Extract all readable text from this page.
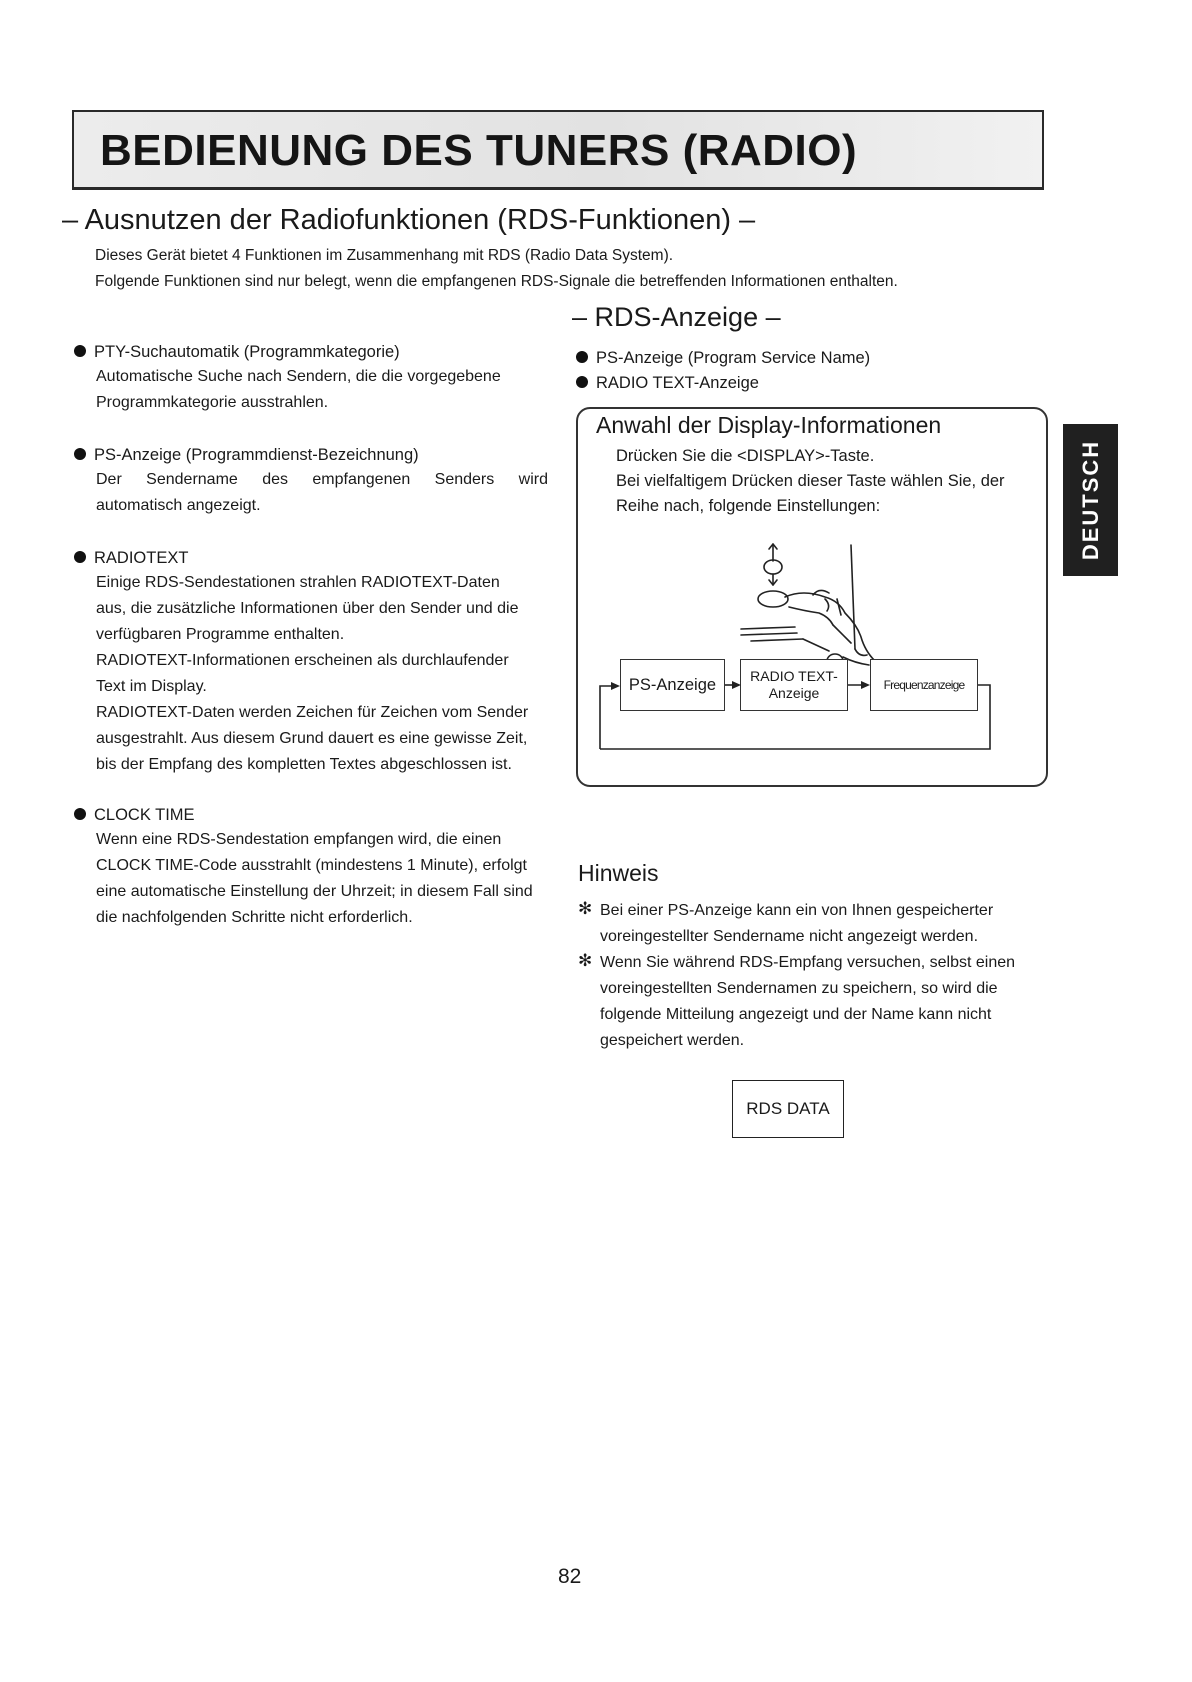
BEDIENUNG DES TUNERS (RADIO)
– Ausnutzen der Radiofunktionen (RDS-Funktionen) –
Dieses Gerät bietet 4 Funktionen im Zusammenhang mit RDS (Radio Data System).
Folgende Funktionen sind nur belegt, wenn die empfangenen RDS-Signale die betreffenden Informationen enthalten.
PTY-Suchautomatik (Programmkategorie)
Automatische Suche nach Sendern, die die vorgegebene
Programmkategorie ausstrahlen.
PS-Anzeige (Programmdienst-Bezeichnung)
Der Sendername des empfangenen Senders wird
automatisch angezeigt.
RADIOTEXT
Einige RDS-Sendestationen strahlen RADIOTEXT-Daten
aus, die zusätzliche Informationen über den Sender und die
verfügbaren Programme enthalten.
RADIOTEXT-Informationen erscheinen als durchlaufender
Text im Display.
RADIOTEXT-Daten werden Zeichen für Zeichen vom Sender
ausgestrahlt. Aus diesem Grund dauert es eine gewisse Zeit,
bis der Empfang des kompletten Textes abgeschlossen ist.
CLOCK TIME
Wenn eine RDS-Sendestation empfangen wird, die einen
CLOCK TIME-Code ausstrahlt (mindestens 1 Minute), erfolgt
eine automatische Einstellung der Uhrzeit; in diesem Fall sind
die nachfolgenden Schritte nicht erforderlich.
– RDS-Anzeige –
PS-Anzeige (Program Service Name)
RADIO TEXT-Anzeige
Anwahl der Display-Informationen
Drücken Sie die <DISPLAY>-Taste.
Bei vielfaltigem Drücken dieser Taste wählen Sie, der
Reihe nach, folgende Einstellungen:
PS-Anzeige	RADIO TEXT-
Anzeige	Frequenzanzeige
DEUTSCH
Hinweis
✻ Bei einer PS-Anzeige kann ein von Ihnen gespeicherter voreingestellter Sendername nicht angezeigt werden.
✻ Wenn Sie während RDS-Empfang versuchen, selbst einen voreingestellten Sendernamen zu speichern, so wird die folgende Mitteilung angezeigt und der Name kann nicht gespeichert werden.
RDS DATA
82
